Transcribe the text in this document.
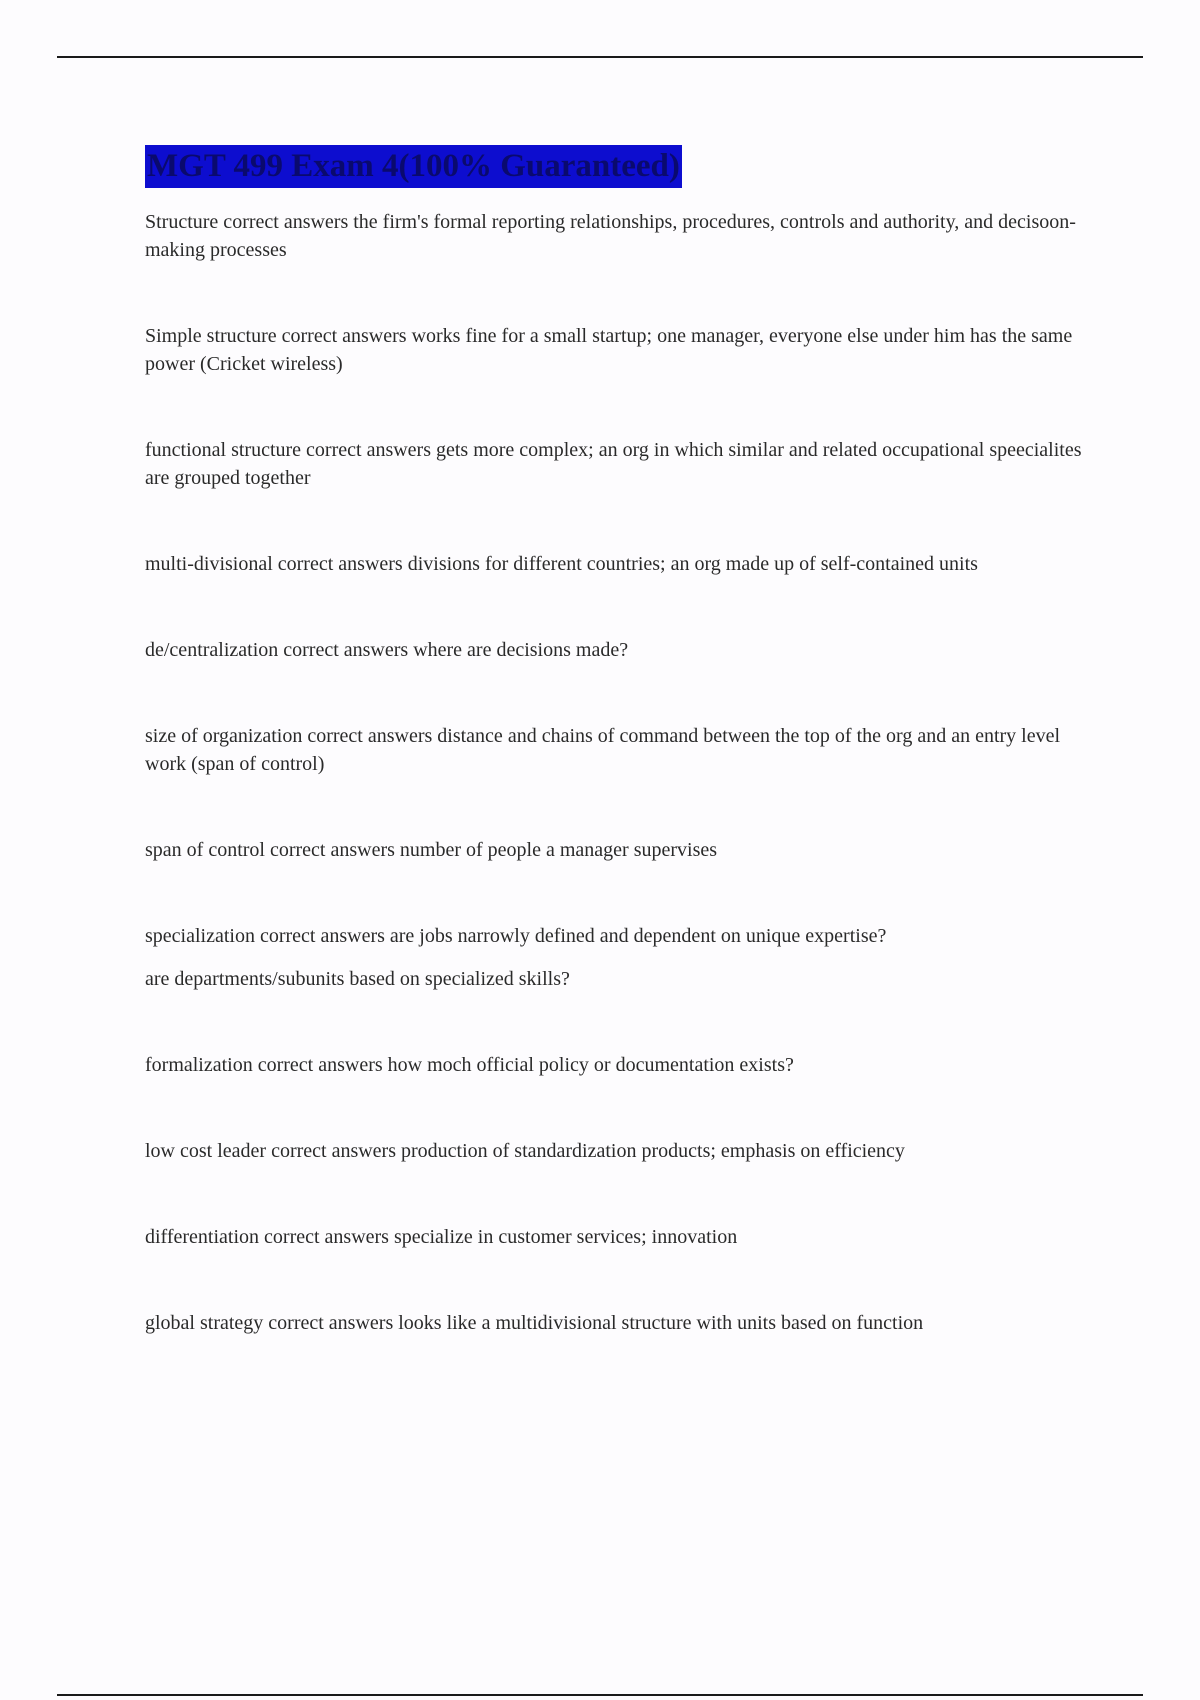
MGT 499 Exam 4(100% Guaranteed)

Structure correct answers the firm's formal reporting relationships, procedures, controls and authority, and decisoon-making processes

Simple structure correct answers works fine for a small startup; one manager, everyone else under him has the same power (Cricket wireless)

functional structure correct answers gets more complex; an org in which similar and related occupational speecialites are grouped together

multi-divisional correct answers divisions for different countries; an org made up of self-contained units

de/centralization correct answers where are decisions made?

size of organization correct answers distance and chains of command between the top of the org and an entry level work (span of control)

span of control correct answers number of people a manager supervises

specialization correct answers are jobs narrowly defined and dependent on unique expertise?
are departments/subunits based on specialized skills?

formalization correct answers how moch official policy or documentation exists?

low cost leader correct answers production of standardization products; emphasis on efficiency

differentiation correct answers specialize in customer services; innovation

global strategy correct answers looks like a multidivisional structure with units based on function
